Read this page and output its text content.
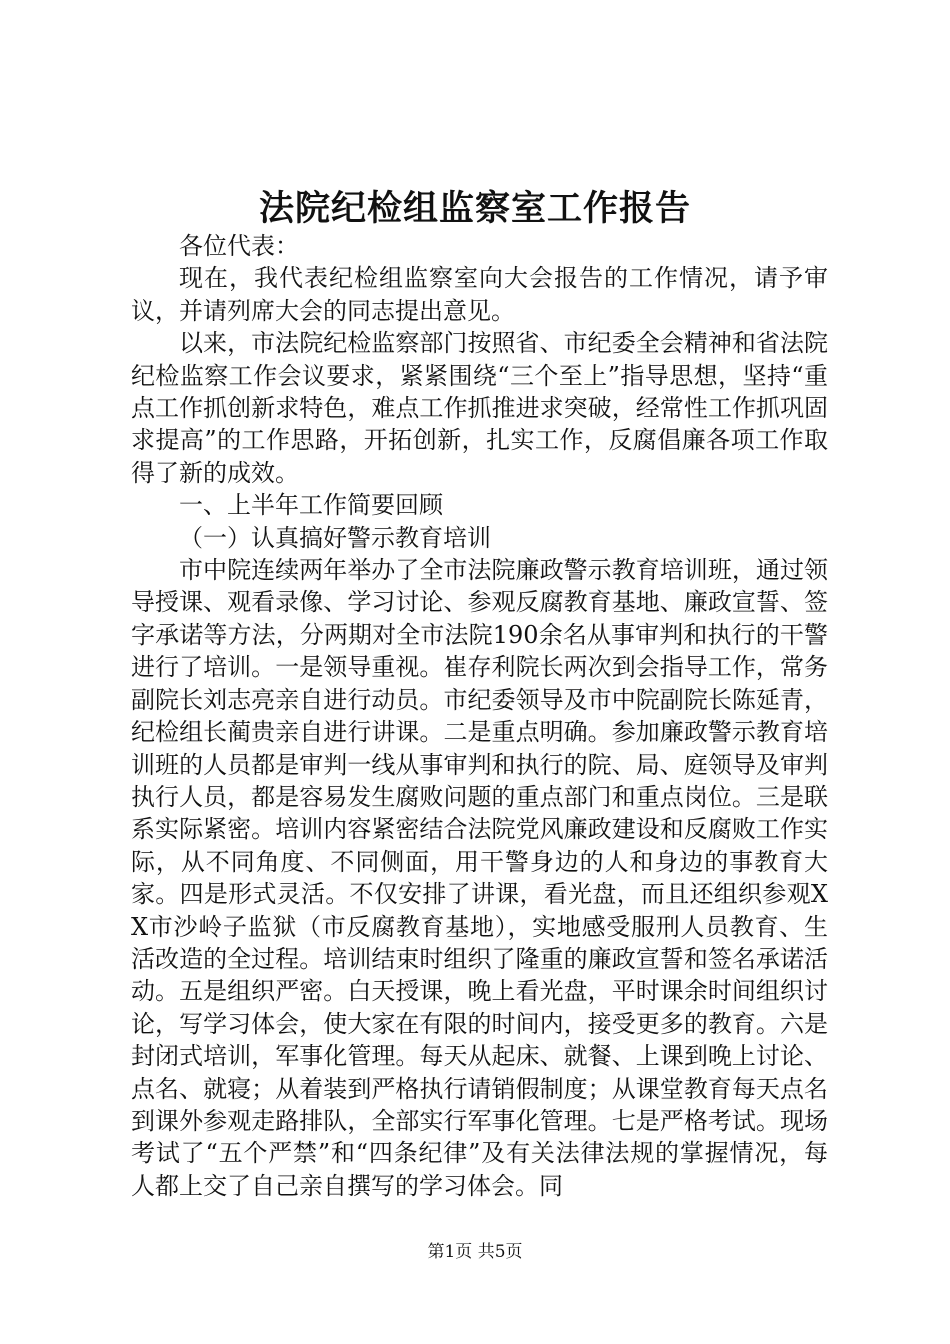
法院纪检组监察室工作报告

各位代表：

现在，我代表纪检组监察室向大会报告的工作情况，请予审议，并请列席大会的同志提出意见。

以来，市法院纪检监察部门按照省、市纪委全会精神和省法院纪检监察工作会议要求，紧紧围绕“三个至上”指导思想，坚持“重点工作抓创新求特色，难点工作抓推进求突破，经常性工作抓巩固求提高”的工作思路，开拓创新，扎实工作，反腐倡廉各项工作取得了新的成效。

一、上半年工作简要回顾

（一）认真搞好警示教育培训

市中院连续两年举办了全市法院廉政警示教育培训班，通过领导授课、观看录像、学习讨论、参观反腐教育基地、廉政宣誓、签字承诺等方法，分两期对全市法院190余名从事审判和执行的干警进行了培训。一是领导重视。崔存利院长两次到会指导工作，常务副院长刘志亮亲自进行动员。市纪委领导及市中院副院长陈延青，纪检组长蔺贵亲自进行讲课。二是重点明确。参加廉政警示教育培训班的人员都是审判一线从事审判和执行的院、局、庭领导及审判执行人员，都是容易发生腐败问题的重点部门和重点岗位。三是联系实际紧密。培训内容紧密结合法院党风廉政建设和反腐败工作实际，从不同角度、不同侧面，用干警身边的人和身边的事教育大家。四是形式灵活。不仅安排了讲课，看光盘，而且还组织参观XX市沙岭子监狱（市反腐教育基地），实地感受服刑人员教育、生活改造的全过程。培训结束时组织了隆重的廉政宣誓和签名承诺活动。五是组织严密。白天授课，晚上看光盘，平时课余时间组织讨论，写学习体会，使大家在有限的时间内，接受更多的教育。六是封闭式培训，军事化管理。每天从起床、就餐、上课到晚上讨论、点名、就寝；从着装到严格执行请销假制度；从课堂教育每天点名到课外参观走路排队，全部实行军事化管理。七是严格考试。现场考试了“五个严禁”和“四条纪律”及有关法律法规的掌握情况，每人都上交了自己亲自撰写的学习体会。同

第1页 共5页
